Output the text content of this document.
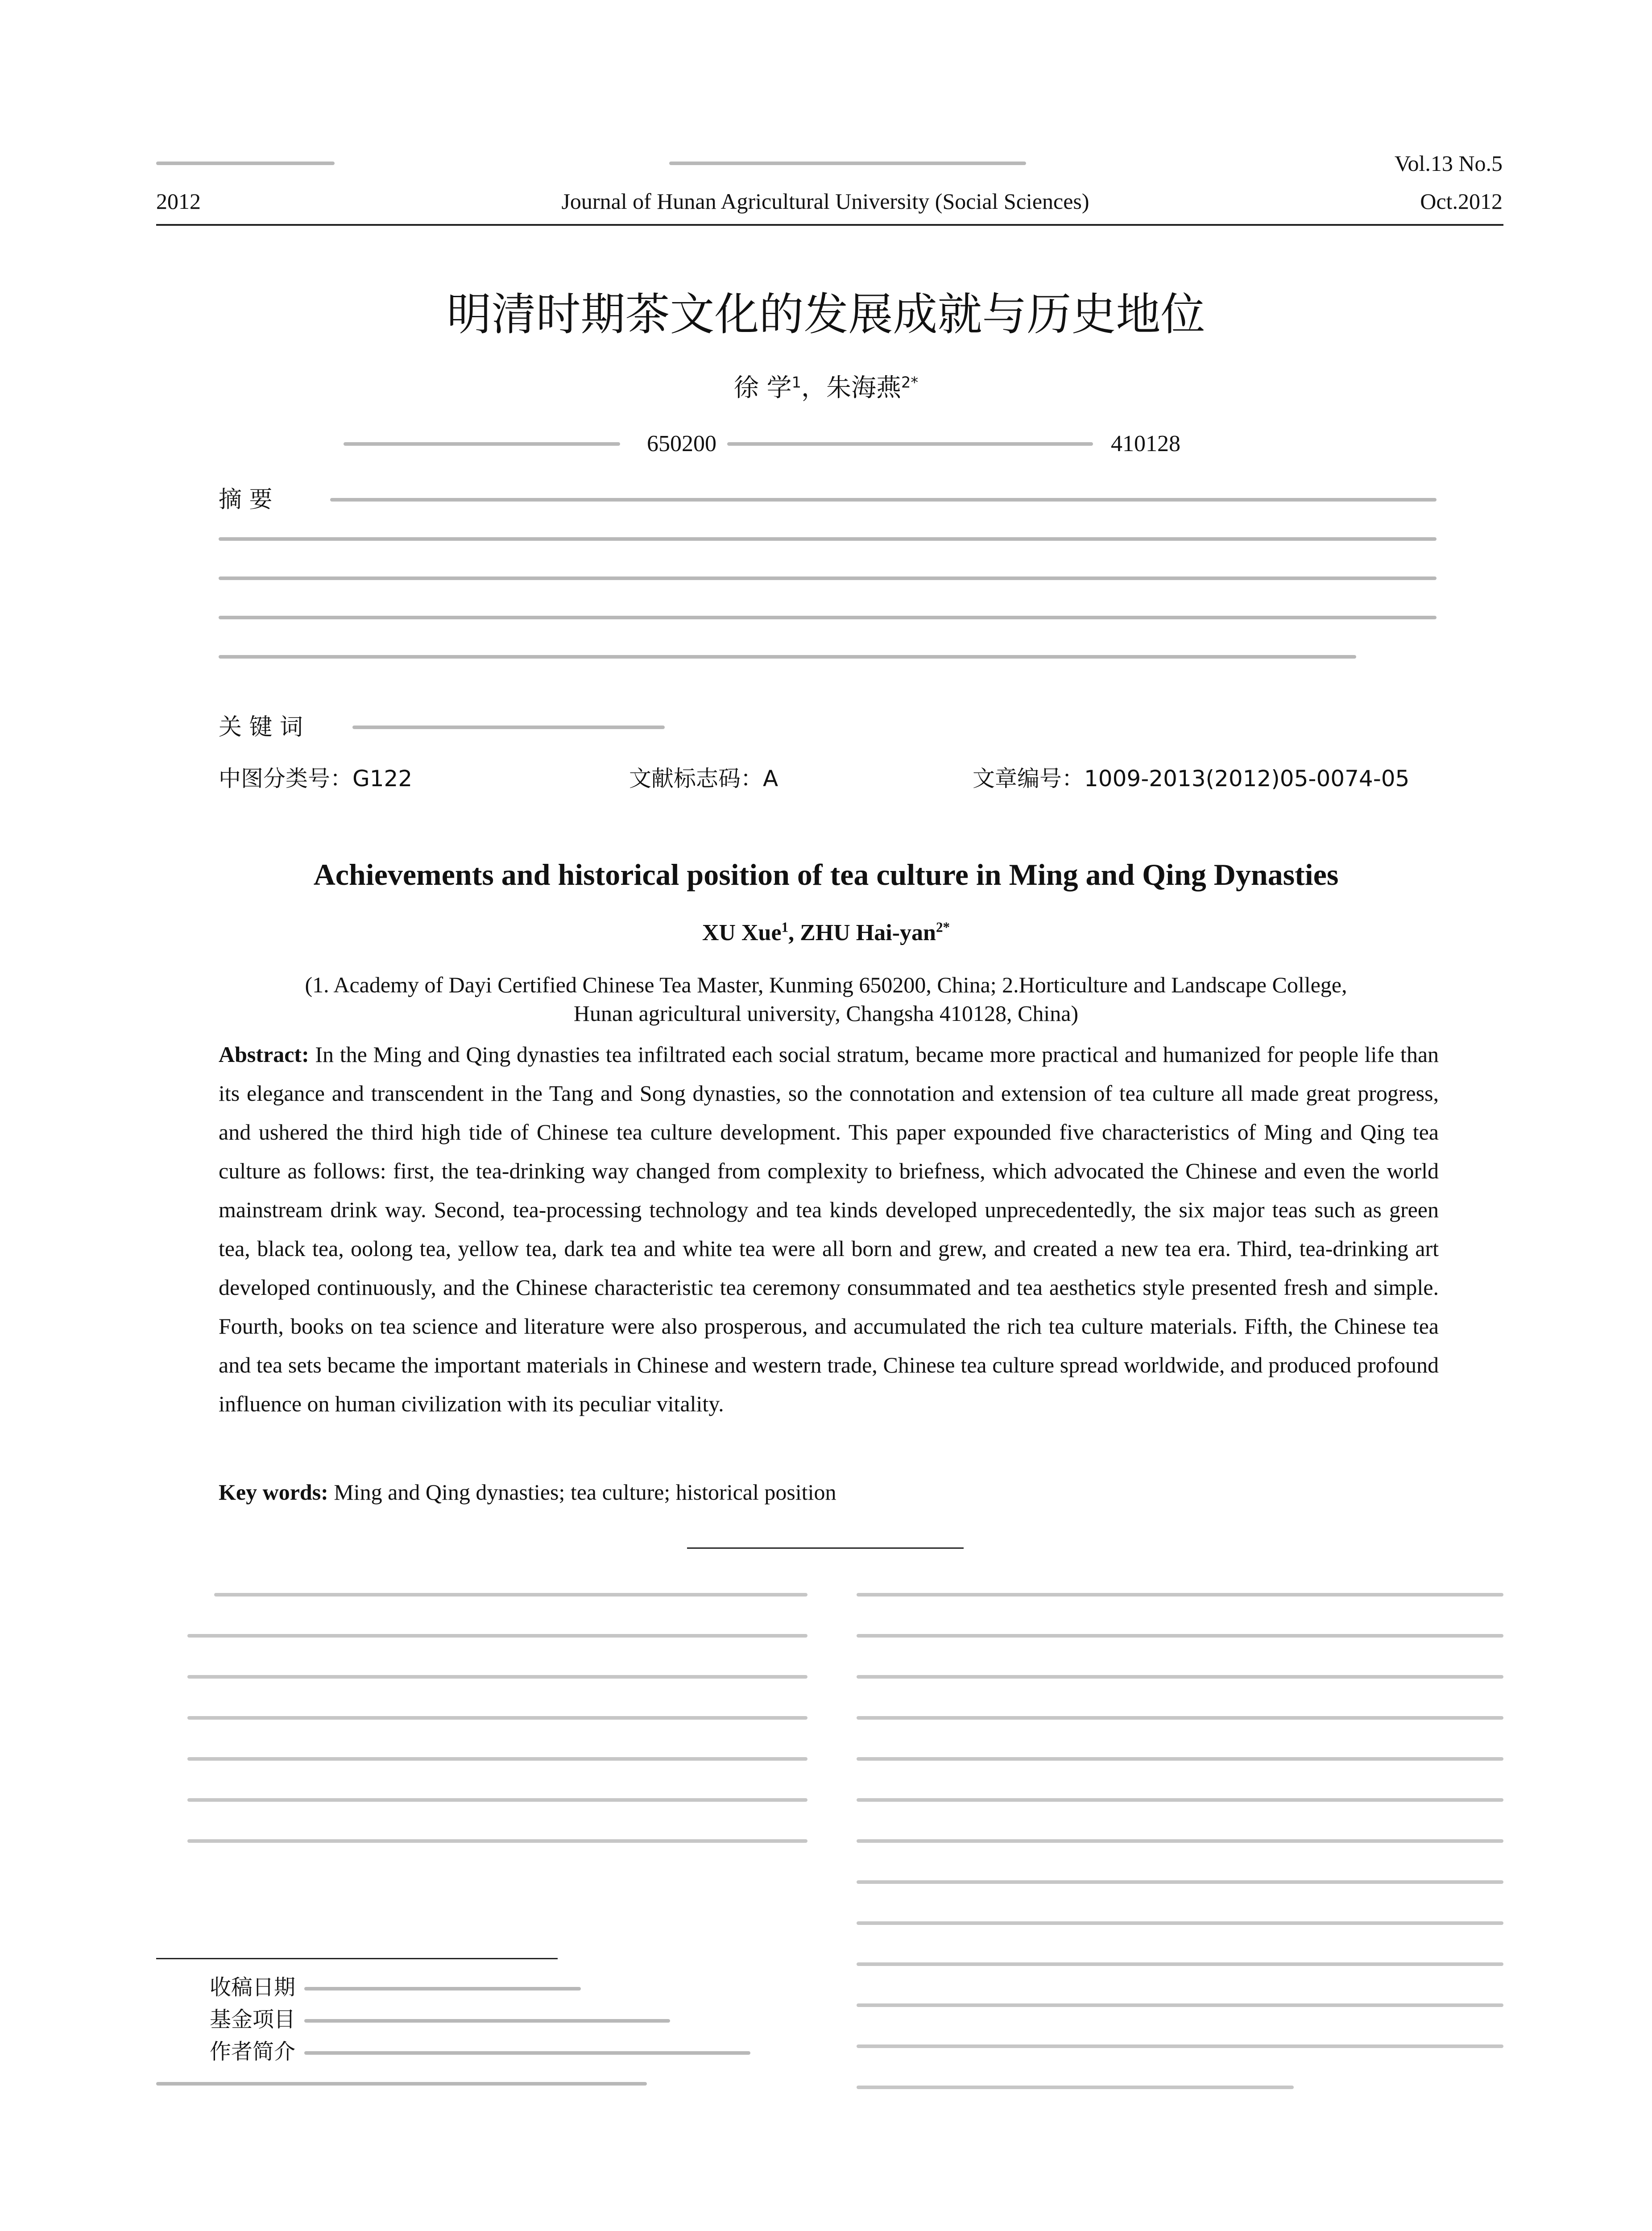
2012	Journal of Hunan Agricultural University (Social Sciences)
Vol.13 No.5
Oct.2012
明清时期茶文化的发展成就与历史地位
徐 学$^1$，朱海燕$^{2*}$
650200	410128
摘 要
关 键 词
中图分类号：G122	文献标志码：A	文章编号：1009-2013(2012)05-0074-05
Achievements and historical position of tea culture in Ming and Qing Dynasties
XU Xue$^1$, ZHU Hai-yan$^{2*}$
(1. Academy of Dayi Certified Chinese Tea Master, Kunming 650200, China; 2.Horticulture and Landscape College,
Hunan agricultural university, Changsha 410128, China)
Abstract: In the Ming and Qing dynasties tea infiltrated each social stratum, became more practical and humanized for people life than its elegance and transcendent in the Tang and Song dynasties, so the connotation and extension of tea culture all made great progress, and ushered the third high tide of Chinese tea culture development. This paper expounded five characteristics of Ming and Qing tea culture as follows: first, the tea-drinking way changed from complexity to briefness, which advocated the Chinese and even the world mainstream drink way. Second, tea-processing technology and tea kinds developed unprecedentedly, the six major teas such as green tea, black tea, oolong tea, yellow tea, dark tea and white tea were all born and grew, and created a new tea era. Third, tea-drinking art developed continuously, and the Chinese characteristic tea ceremony consummated and tea aesthetics style presented fresh and simple. Fourth, books on tea science and literature were also prosperous, and accumulated the rich tea culture materials. Fifth, the Chinese tea and tea sets became the important materials in Chinese and western trade, Chinese tea culture spread worldwide, and produced profound influence on human civilization with its peculiar vitality.
Key words: Ming and Qing dynasties; tea culture; historical position
收稿日期
基金项目
作者简介
